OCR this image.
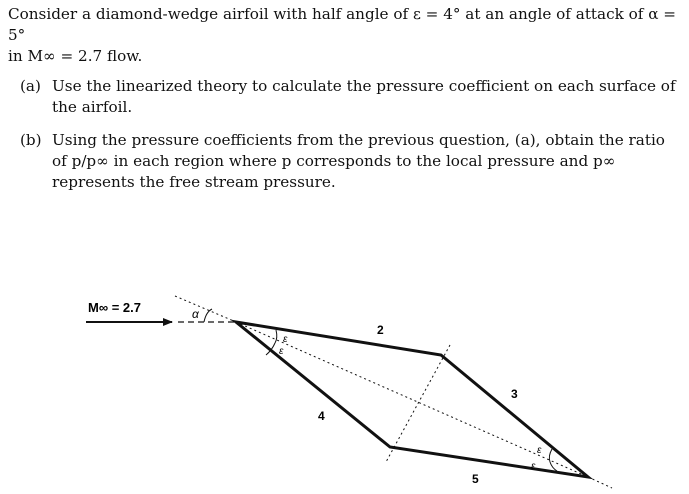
Consider a diamond-wedge airfoil with half angle of ε = 4° at an angle of attack of α = 5°
in M∞ = 2.7 flow.

(a) Use the linearized theory to calculate the pressure coefficient on each surface of the airfoil.

(b) Using the pressure coefficients from the previous question, (a), obtain the ratio of p/p∞ in each region where p corresponds to the local pressure and p∞ represents the free stream pressure.

M∞ = 2.7	α
ε
ε
ε
ε
2
3
4
5
